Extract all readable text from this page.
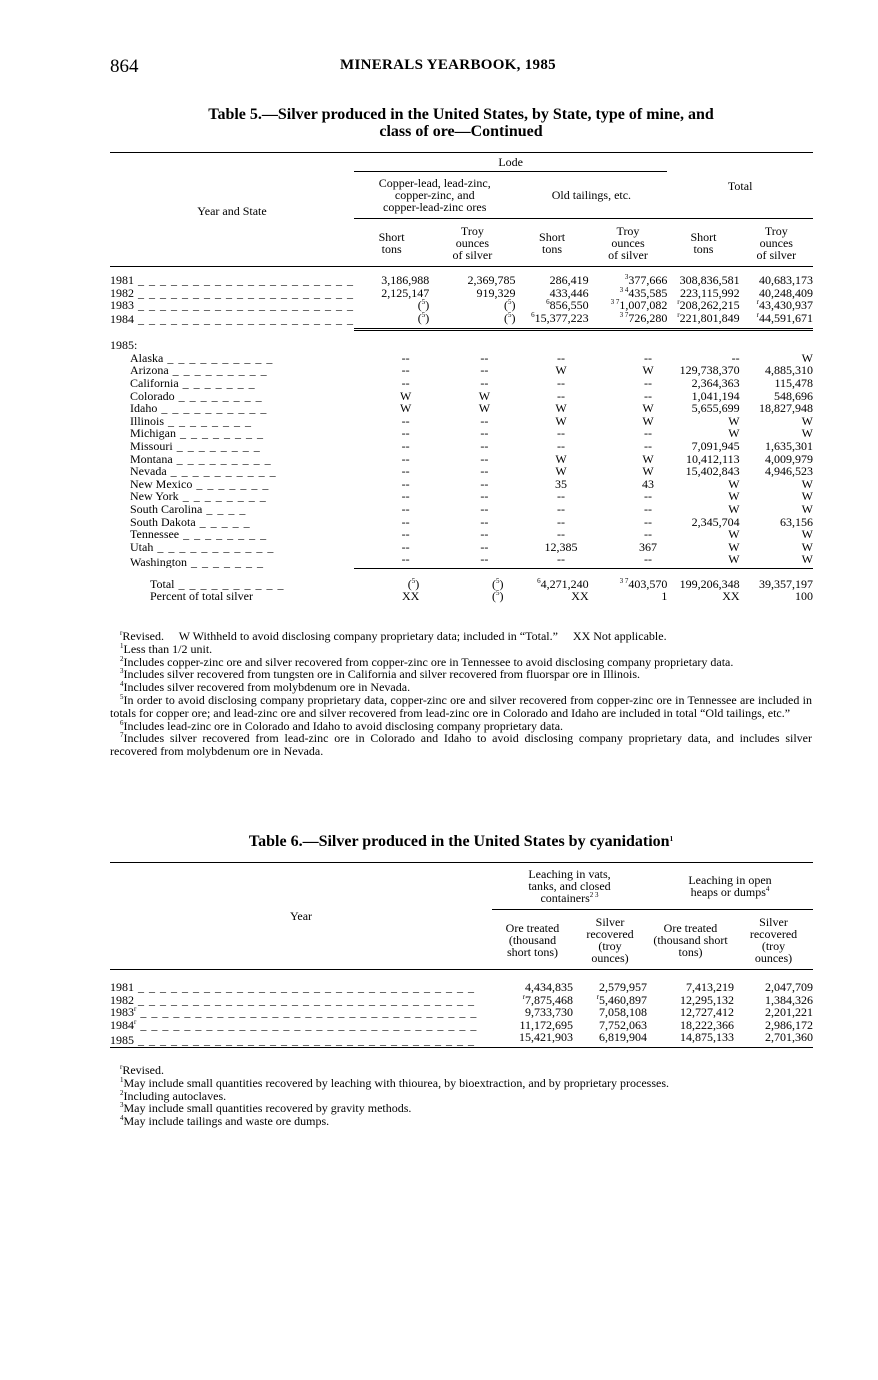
864	MINERALS YEARBOOK, 1985
Table 5.—Silver produced in the United States, by State, type of mine, and
class of ore—Continued
Year and State	Lode				Total	
	Copper-lead, lead-zinc, copper-zinc, and copper-lead-zinc ores		Old tailings, etc.			
	Short tons	Troy ounces of silver	Short tons	Troy ounces of silver	Short tons	Troy ounces of silver
1981 _ _ _ _ _ _ _ _ _ _ _ _ _ _ _ _ _ _ _ _	3,186,988	2,369,785	286,419	$^3$377,666	308,836,581	40,683,173
1982 _ _ _ _ _ _ _ _ _ _ _ _ _ _ _ _ _ _ _ _	2,125,147	919,329	433,446	$^{3 4}$435,585	223,115,992	40,248,409
1983 _ _ _ _ _ _ _ _ _ _ _ _ _ _ _ _ _ _ _ _	($^5$)	($^5$)	$^6$856,550	$^{3 7}$1,007,082	$^r$208,262,215	$^r$43,430,937
1984 _ _ _ _ _ _ _ _ _ _ _ _ _ _ _ _ _ _ _ _	($^5$)	($^5$)	$^6$15,377,223	$^{3 7}$726,280	$^r$221,801,849	$^r$44,591,671
1985:						
Alaska _ _ _ _ _ _ _ _ _ _	--	--	--	--	--	W
Arizona _ _ _ _ _ _ _ _ _	--	--	W	W	129,738,370	4,885,310
California _ _ _ _ _ _ _	--	--	--	--	2,364,363	115,478
Colorado _ _ _ _ _ _ _ _	W	W	--	--	1,041,194	548,696
Idaho _ _ _ _ _ _ _ _ _ _	W	W	W	W	5,655,699	18,827,948
Illinois _ _ _ _ _ _ _ _	--	--	W	W	W	W
Michigan _ _ _ _ _ _ _ _	--	--	--	--	W	W
Missouri _ _ _ _ _ _ _ _	--	--	--	--	7,091,945	1,635,301
Montana _ _ _ _ _ _ _ _ _	--	--	W	W	10,412,113	4,009,979
Nevada _ _ _ _ _ _ _ _ _ _	--	--	W	W	15,402,843	4,946,523
New Mexico _ _ _ _ _ _ _	--	--	35	43	W	W
New York _ _ _ _ _ _ _ _	--	--	--	--	W	W
South Carolina _ _ _ _	--	--	--	--	W	W
South Dakota _ _ _ _ _	--	--	--	--	2,345,704	63,156
Tennessee _ _ _ _ _ _ _ _	--	--	--	--	W	W
Utah _ _ _ _ _ _ _ _ _ _ _	--	--	12,385	367	W	W
Washington _ _ _ _ _ _ _	--	--	--	--	W	W
Total _ _ _ _ _ _ _ _ _ _	($^5$)	($^5$)	$^6$4,271,240	$^{3 7}$403,570	199,206,348	39,357,197
Percent of total silver	XX	($^5$)	XX	1	XX	100

$^r$Revised.     W Withheld to avoid disclosing company proprietary data; included in “Total.”     XX Not applicable.

$^1$Less than 1/2 unit.

$^2$Includes copper-zinc ore and silver recovered from copper-zinc ore in Tennessee to avoid disclosing company proprietary data.

$^3$Includes silver recovered from tungsten ore in California and silver recovered from fluorspar ore in Illinois.

$^4$Includes silver recovered from molybdenum ore in Nevada.

$^5$In order to avoid disclosing company proprietary data, copper-zinc ore and silver recovered from copper-zinc ore in Tennessee are included in totals for copper ore; and lead-zinc ore and silver recovered from lead-zinc ore in Colorado and Idaho are included in total “Old tailings, etc.”

$^6$Includes lead-zinc ore in Colorado and Idaho to avoid disclosing company proprietary data.

$^7$Includes silver recovered from lead-zinc ore in Colorado and Idaho to avoid disclosing company proprietary data, and includes silver recovered from molybdenum ore in Nevada.

Table 6.—Silver produced in the United States by cyanidation$^1$
Year	Leaching in vats, tanks, and closed containers$^{2 3}$		Leaching in open heaps or dumps$^4$
	Ore treated (thousand short tons)	Silver recovered (troy ounces)	Ore treated (thousand short tons)	Silver recovered (troy ounces)
1981 _ _ _ _ _ _ _ _ _ _ _ _ _ _ _ _ _ _ _ _ _ _ _ _ _ _ _ _ _ _ _	4,434,835	2,579,957	7,413,219	2,047,709
1982 _ _ _ _ _ _ _ _ _ _ _ _ _ _ _ _ _ _ _ _ _ _ _ _ _ _ _ _ _ _ _	$^r$7,875,468	$^r$5,460,897	12,295,132	1,384,326
1983$^r$ _ _ _ _ _ _ _ _ _ _ _ _ _ _ _ _ _ _ _ _ _ _ _ _ _ _ _ _ _ _ _	9,733,730	7,058,108	12,727,412	2,201,221
1984$^r$ _ _ _ _ _ _ _ _ _ _ _ _ _ _ _ _ _ _ _ _ _ _ _ _ _ _ _ _ _ _ _	11,172,695	7,752,063	18,222,366	2,986,172
1985 _ _ _ _ _ _ _ _ _ _ _ _ _ _ _ _ _ _ _ _ _ _ _ _ _ _ _ _ _ _ _	15,421,903	6,819,904	14,875,133	2,701,360

$^r$Revised.

$^1$May include small quantities recovered by leaching with thiourea, by bioextraction, and by proprietary processes.

$^2$Including autoclaves.

$^3$May include small quantities recovered by gravity methods.

$^4$May include tailings and waste ore dumps.
